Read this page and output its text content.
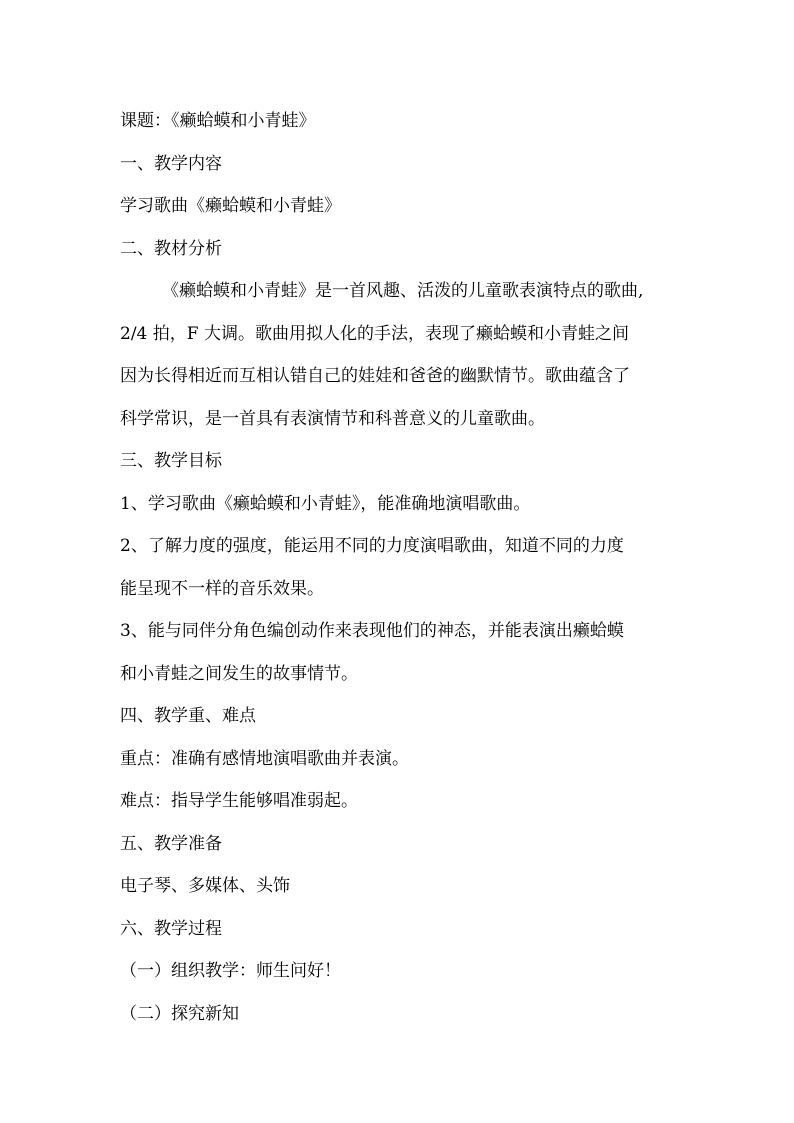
课题：《癞蛤蟆和小青蛙》
一、教学内容
学习歌曲《癞蛤蟆和小青蛙》
二、教材分析
《癞蛤蟆和小青蛙》是一首风趣、活泼的儿童歌表演特点的歌曲,
2/4 拍，F 大调。歌曲用拟人化的手法，表现了癞蛤蟆和小青蛙之间
因为长得相近而互相认错自己的娃娃和爸爸的幽默情节。歌曲蕴含了
科学常识，是一首具有表演情节和科普意义的儿童歌曲。
三、教学目标
1、学习歌曲《癞蛤蟆和小青蛙》，能准确地演唱歌曲。
2、了解力度的强度，能运用不同的力度演唱歌曲，知道不同的力度
能呈现不一样的音乐效果。
3、能与同伴分角色编创动作来表现他们的神态，并能表演出癞蛤蟆
和小青蛙之间发生的故事情节。
四、教学重、难点
重点：准确有感情地演唱歌曲并表演。
难点：指导学生能够唱准弱起。
五、教学准备
电子琴、多媒体、头饰
六、教学过程
（一）组织教学：师生问好！
（二）探究新知
